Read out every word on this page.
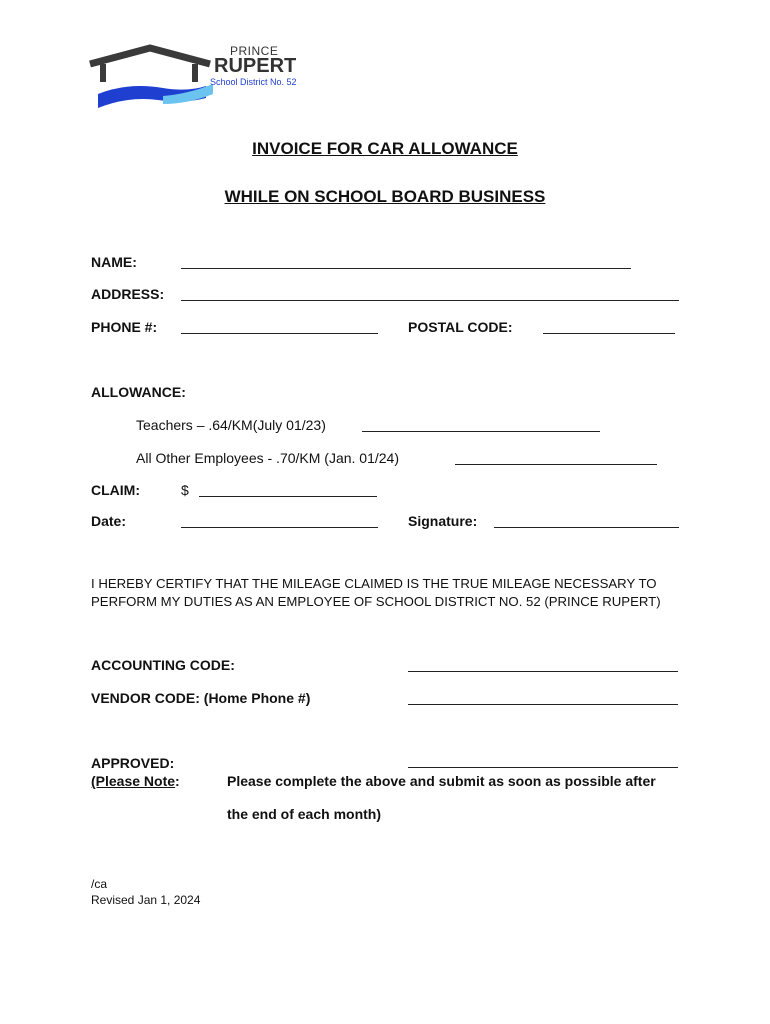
PRINCE
RUPERT
School District No. 52
INVOICE FOR CAR ALLOWANCE
WHILE ON SCHOOL BOARD BUSINESS
NAME:
ADDRESS:
PHONE #:	POSTAL CODE:
ALLOWANCE:
Teachers – .64/KM(July 01/23)
All Other Employees - .70/KM (Jan. 01/24)
CLAIM:	$
Date:	Signature:
I HEREBY CERTIFY THAT THE MILEAGE CLAIMED IS THE TRUE MILEAGE NECESSARY TO
PERFORM MY DUTIES AS AN EMPLOYEE OF SCHOOL DISTRICT NO. 52 (PRINCE RUPERT)
ACCOUNTING CODE:
VENDOR CODE: (Home Phone #)
APPROVED:
(Please Note:	Please complete the above and submit as soon as possible after
the end of each month)
/ca
Revised Jan 1, 2024
